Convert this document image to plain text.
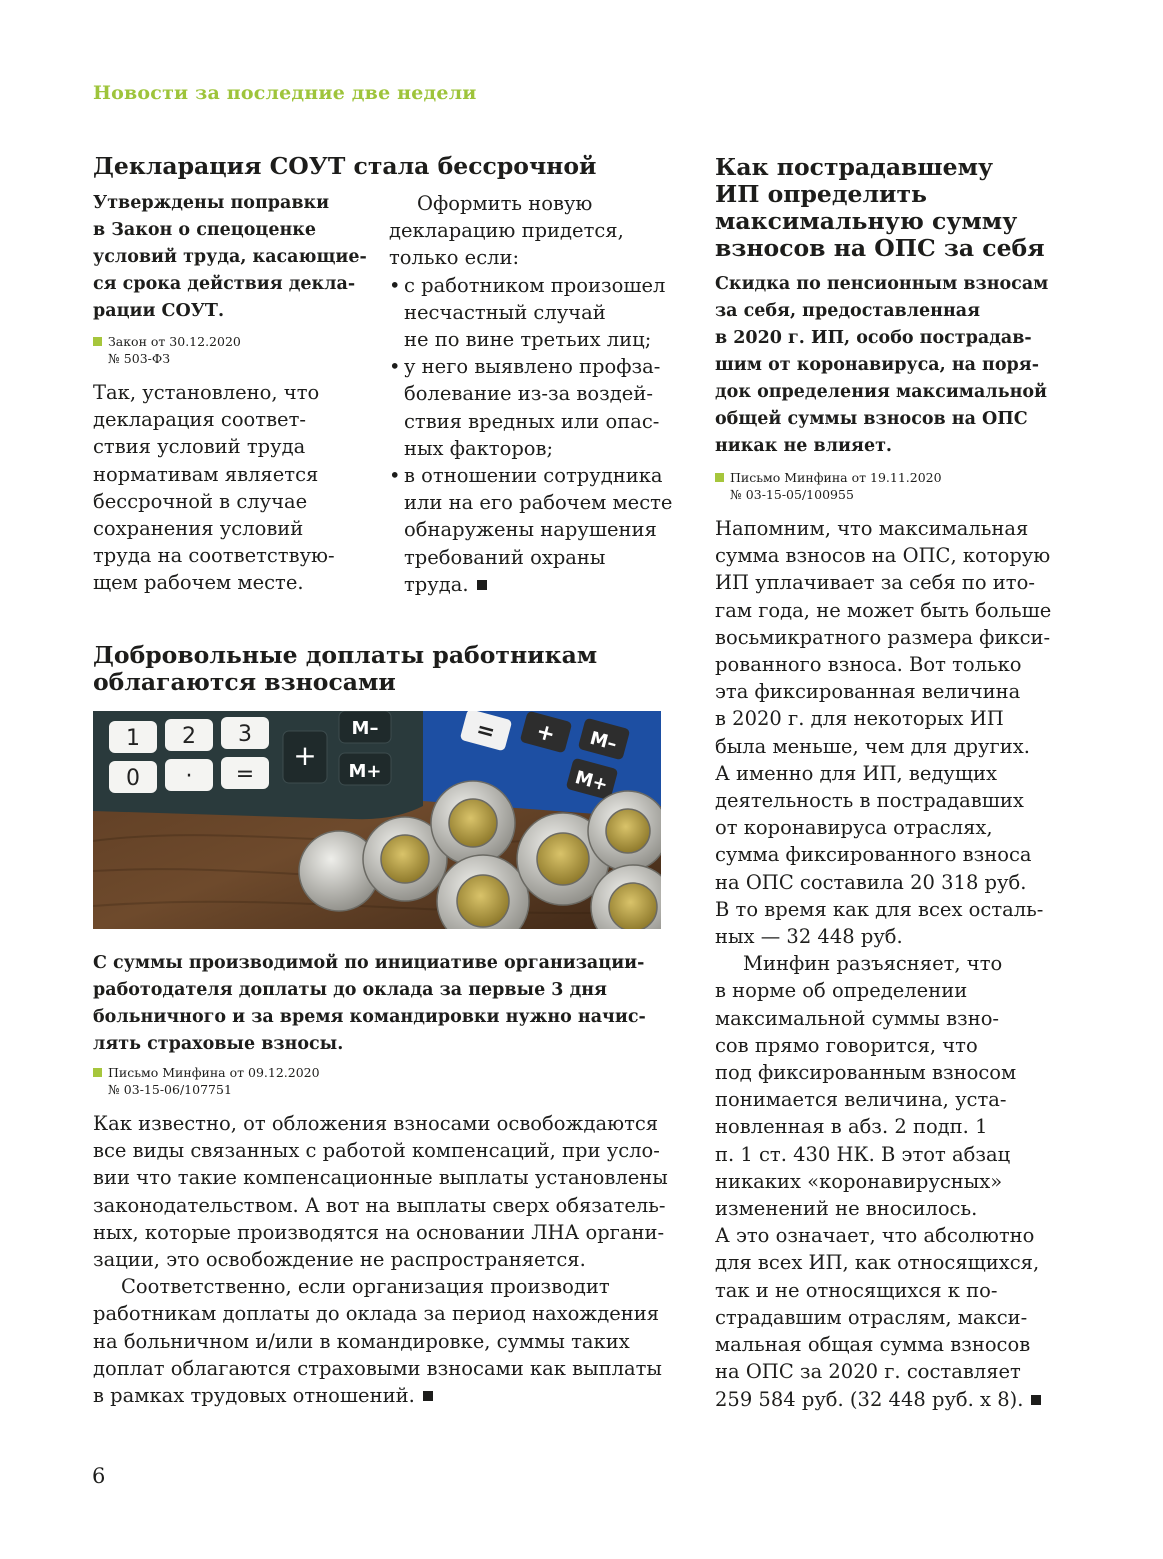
Новости за последние две недели
Декларация СОУТ стала бессрочной
Утверждены поправки
в Закон о спецоценке
условий труда, касающие-
ся срока действия декла-
рации СОУТ.
Закон от 30.12.2020
№ 503-ФЗ
Так, установлено, что
декларация соответ-
ствия условий труда
нормативам является
бессрочной в случае
сохранения условий
труда на соответствую-
щем рабочем месте.
Оформить новую
декларацию придется,
только если:
• с работником произошел
несчастный случай
не по вине третьих лиц;
• у него выявлено профза-
болевание из-за воздей-
ствия вредных или опас-
ных факторов;
• в отношении сотрудника
или на его рабочем месте
обнаружены нарушения
требований охраны
труда.
Добровольные доплаты работникам
облагаются взносами
= + M–
M+
1 2 3
0 · =
+
M–
M+
С суммы производимой по инициативе организации-
работодателя доплаты до оклада за первые 3 дня
больничного и за время командировки нужно начис-
лять страховые взносы.
Письмо Минфина от 09.12.2020
№ 03-15-06/107751
Как известно, от обложения взносами освобождаются
все виды связанных с работой компенсаций, при усло-
вии что такие компенсационные выплаты установлены
законодательством. А вот на выплаты сверх обязатель-
ных, которые производятся на основании ЛНА органи-
зации, это освобождение не распространяется.
Соответственно, если организация производит
работникам доплаты до оклада за период нахождения
на больничном и/или в командировке, суммы таких
доплат облагаются страховыми взносами как выплаты
в рамках трудовых отношений.
Как пострадавшему
ИП определить
максимальную сумму
взносов на ОПС за себя
Скидка по пенсионным взносам
за себя, предоставленная
в 2020 г. ИП, особо пострадав-
шим от коронавируса, на поря-
док определения максимальной
общей суммы взносов на ОПС
никак не влияет.
Письмо Минфина от 19.11.2020
№ 03-15-05/100955
Напомним, что максимальная
сумма взносов на ОПС, которую
ИП уплачивает за себя по ито-
гам года, не может быть больше
восьмикратного размера фикси-
рованного взноса. Вот только
эта фиксированная величина
в 2020 г. для некоторых ИП
была меньше, чем для других.
А именно для ИП, ведущих
деятельность в пострадавших
от коронавируса отраслях,
сумма фиксированного взноса
на ОПС составила 20 318 руб.
В то время как для всех осталь-
ных — 32 448 руб.
Минфин разъясняет, что
в норме об определении
максимальной суммы взно-
сов прямо говорится, что
под фиксированным взносом
понимается величина, уста-
новленная в абз. 2 подп. 1
п. 1 ст. 430 НК. В этот абзац
никаких «коронавирусных»
изменений не вносилось.
А это означает, что абсолютно
для всех ИП, как относящихся,
так и не относящихся к по-
страдавшим отраслям, макси-
мальная общая сумма взносов
на ОПС за 2020 г. составляет
259 584 руб. (32 448 руб. х 8).
6
